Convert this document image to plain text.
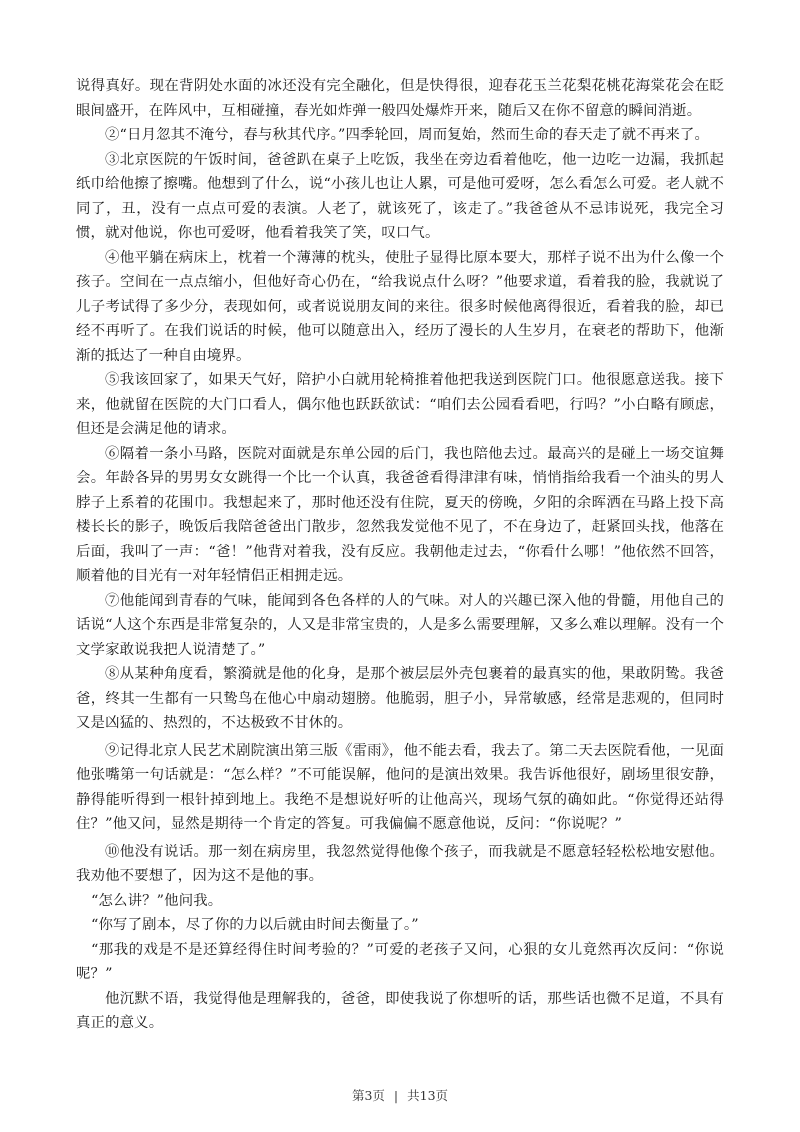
说得真好。现在背阴处水面的冰还没有完全融化，但是快得很，迎春花玉兰花梨花桃花海棠花会在眨眼间盛开，在阵风中，互相碰撞，春光如炸弹一般四处爆炸开来，随后又在你不留意的瞬间消逝。

②“日月忽其不淹兮，春与秋其代序。”四季轮回，周而复始，然而生命的春天走了就不再来了。

③北京医院的午饭时间，爸爸趴在桌子上吃饭，我坐在旁边看着他吃，他一边吃一边漏，我抓起纸巾给他擦了擦嘴。他想到了什么，说“小孩儿也让人累，可是他可爱呀，怎么看怎么可爱。老人就不同了，丑，没有一点点可爱的表演。人老了，就该死了，该走了。”我爸爸从不忌讳说死，我完全习惯，就对他说，你也可爱呀，他看着我笑了笑，叹口气。

④他平躺在病床上，枕着一个薄薄的枕头，使肚子显得比原本要大，那样子说不出为什么像一个孩子。空间在一点点缩小，但他好奇心仍在，“给我说点什么呀？”他要求道，看着我的脸，我就说了儿子考试得了多少分，表现如何，或者说说朋友间的来往。很多时候他离得很近，看着我的脸，却已经不再听了。在我们说话的时候，他可以随意出入，经历了漫长的人生岁月，在衰老的帮助下，他渐渐的抵达了一种自由境界。

⑤我该回家了，如果天气好，陪护小白就用轮椅推着他把我送到医院门口。他很愿意送我。接下来，他就留在医院的大门口看人，偶尔他也跃跃欲试：“咱们去公园看看吧，行吗？”小白略有顾虑，但还是会满足他的请求。

⑥隔着一条小马路，医院对面就是东单公园的后门，我也陪他去过。最高兴的是碰上一场交谊舞会。年龄各异的男男女女跳得一个比一个认真，我爸爸看得津津有味，悄悄指给我看一个油头的男人脖子上系着的花围巾。我想起来了，那时他还没有住院，夏天的傍晚，夕阳的余晖洒在马路上投下高楼长长的影子，晚饭后我陪爸爸出门散步，忽然我发觉他不见了，不在身边了，赶紧回头找，他落在后面，我叫了一声：“爸！”他背对着我，没有反应。我朝他走过去，“你看什么哪！”他依然不回答，顺着他的目光有一对年轻情侣正相拥走远。

⑦他能闻到青春的气味，能闻到各色各样的人的气味。对人的兴趣已深入他的骨髓，用他自己的话说“人这个东西是非常复杂的，人又是非常宝贵的，人是多么需要理解，又多么难以理解。没有一个文学家敢说我把人说清楚了。”

⑧从某种角度看，繁漪就是他的化身，是那个被层层外壳包裹着的最真实的他，果敢阴鸷。我爸爸，终其一生都有一只鸷鸟在他心中扇动翅膀。他脆弱，胆子小，异常敏感，经常是悲观的，但同时又是凶猛的、热烈的，不达极致不甘休的。

⑨记得北京人民艺术剧院演出第三版《雷雨》，他不能去看，我去了。第二天去医院看他，一见面他张嘴第一句话就是：“怎么样？”不可能误解，他问的是演出效果。我告诉他很好，剧场里很安静，静得能听得到一根针掉到地上。我绝不是想说好听的让他高兴，现场气氛的确如此。“你觉得还站得住？”他又问，显然是期待一个肯定的答复。可我偏偏不愿意他说，反问：“你说呢？”

⑩他没有说话。那一刻在病房里，我忽然觉得他像个孩子，而我就是不愿意轻轻松松地安慰他。我劝他不要想了，因为这不是他的事。

“怎么讲？”他问我。

“你写了剧本，尽了你的力以后就由时间去衡量了。”

“那我的戏是不是还算经得住时间考验的？”可爱的老孩子又问，心狠的女儿竟然再次反问：“你说呢？”

他沉默不语，我觉得他是理解我的，爸爸，即使我说了你想听的话，那些话也微不足道，不具有真正的意义。

第3页 | 共13页
